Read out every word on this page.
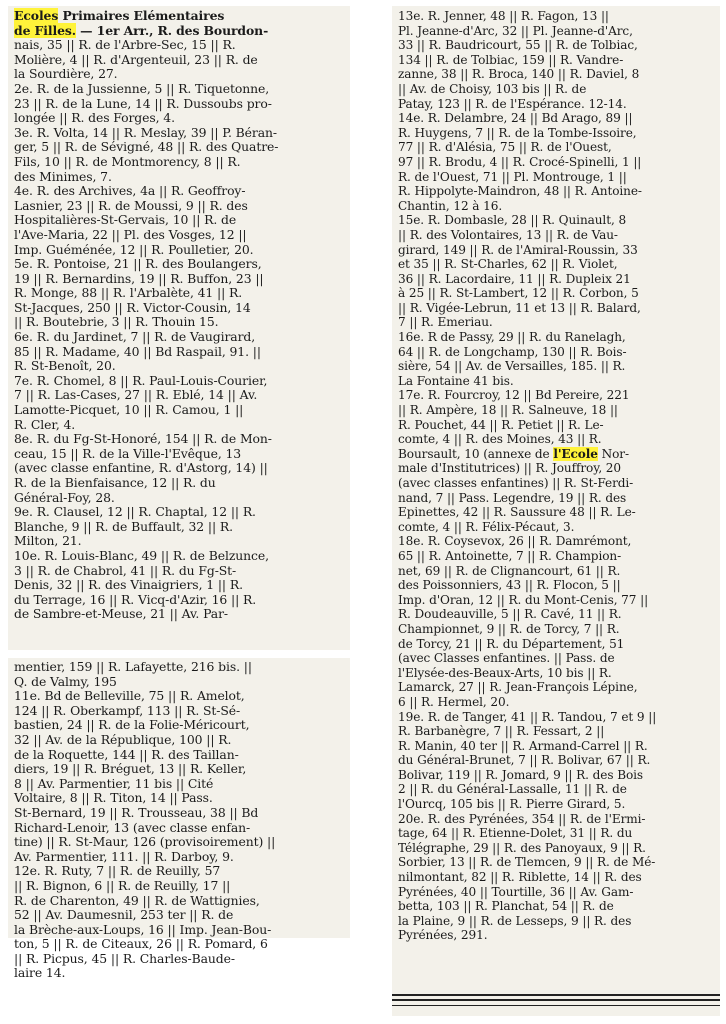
Ecoles Primaires Elémentaires
de Filles. — 1er Arr., R. des Bourdon-
nais, 35 || R. de l'Arbre-Sec, 15 || R.
Molière, 4 || R. d'Argenteuil, 23 || R. de
la Sourdière, 27.
2e. R. de la Jussienne, 5 || R. Tiquetonne,
23 || R. de la Lune, 14 || R. Dussoubs pro-
longée || R. des Forges, 4.
3e. R. Volta, 14 || R. Meslay, 39 || P. Béran-
ger, 5 || R. de Sévigné, 48 || R. des Quatre-
Fils, 10 || R. de Montmorency, 8 || R.
des Minimes, 7.
4e. R. des Archives, 4a || R. Geoffroy-
Lasnier, 23 || R. de Moussi, 9 || R. des
Hospitalières-St-Gervais, 10 || R. de
l'Ave-Maria, 22 || Pl. des Vosges, 12 ||
Imp. Guéménée, 12 || R. Poulletier, 20.
5e. R. Pontoise, 21 || R. des Boulangers,
19 || R. Bernardins, 19 || R. Buffon, 23 ||
R. Monge, 88 || R. l'Arbalète, 41 || R.
St-Jacques, 250 || R. Victor-Cousin, 14
|| R. Boutebrie, 3 || R. Thouin 15.
6e. R. du Jardinet, 7 || R. de Vaugirard,
85 || R. Madame, 40 || Bd Raspail, 91. ||
R. St-Benoît, 20.
7e. R. Chomel, 8 || R. Paul-Louis-Courier,
7 || R. Las-Cases, 27 || R. Eblé, 14 || Av.
Lamotte-Picquet, 10 || R. Camou, 1 ||
R. Cler, 4.
8e. R. du Fg-St-Honoré, 154 || R. de Mon-
ceau, 15 || R. de la Ville-l'Evêque, 13
(avec classe enfantine, R. d'Astorg, 14) ||
R. de la Bienfaisance, 12 || R. du
Général-Foy, 28.
9e. R. Clausel, 12 || R. Chaptal, 12 || R.
Blanche, 9 || R. de Buffault, 32 || R.
Milton, 21.
10e. R. Louis-Blanc, 49 || R. de Belzunce,
3 || R. de Chabrol, 41 || R. du Fg-St-
Denis, 32 || R. des Vinaigriers, 1 || R.
du Terrage, 16 || R. Vicq-d'Azir, 16 || R.
de Sambre-et-Meuse, 21 || Av. Par-
mentier, 159 || R. Lafayette, 216 bis. ||
Q. de Valmy, 195
11e. Bd de Belleville, 75 || R. Amelot,
124 || R. Oberkampf, 113 || R. St-Sé-
bastien, 24 || R. de la Folie-Méricourt,
32 || Av. de la République, 100 || R.
de la Roquette, 144 || R. des Taillan-
diers, 19 || R. Bréguet, 13 || R. Keller,
8 || Av. Parmentier, 11 bis || Cité
Voltaire, 8 || R. Titon, 14 || Pass.
St-Bernard, 19 || R. Trousseau, 38 || Bd
Richard-Lenoir, 13 (avec classe enfan-
tine) || R. St-Maur, 126 (provisoirement) ||
Av. Parmentier, 111. || R. Darboy, 9.
12e. R. Ruty, 7 || R. de Reuilly, 57
|| R. Bignon, 6 || R. de Reuilly, 17 ||
R. de Charenton, 49 || R. de Wattignies,
52 || Av. Daumesnil, 253 ter || R. de
la Brèche-aux-Loups, 16 || Imp. Jean-Bou-
ton, 5 || R. de Citeaux, 26 || R. Pomard, 6
|| R. Picpus, 45 || R. Charles-Baude-
laire 14.
13e. R. Jenner, 48 || R. Fagon, 13 ||
Pl. Jeanne-d'Arc, 32 || Pl. Jeanne-d'Arc,
33 || R. Baudricourt, 55 || R. de Tolbiac,
134 || R. de Tolbiac, 159 || R. Vandre-
zanne, 38 || R. Broca, 140 || R. Daviel, 8
|| Av. de Choisy, 103 bis || R. de
Patay, 123 || R. de l'Espérance. 12-14.
14e. R. Delambre, 24 || Bd Arago, 89 ||
R. Huygens, 7 || R. de la Tombe-Issoire,
77 || R. d'Alésia, 75 || R. de l'Ouest,
97 || R. Brodu, 4 || R. Crocé-Spinelli, 1 ||
R. de l'Ouest, 71 || Pl. Montrouge, 1 ||
R. Hippolyte-Maindron, 48 || R. Antoine-
Chantin, 12 à 16.
15e. R. Dombasle, 28 || R. Quinault, 8
|| R. des Volontaires, 13 || R. de Vau-
girard, 149 || R. de l'Amiral-Roussin, 33
et 35 || R. St-Charles, 62 || R. Violet,
36 || R. Lacordaire, 11 || R. Dupleix 21
à 25 || R. St-Lambert, 12 || R. Corbon, 5
|| R. Vigée-Lebrun, 11 et 13 || R. Balard,
7 || R. Emeriau.
16e. R de Passy, 29 || R. du Ranelagh,
64 || R. de Longchamp, 130 || R. Bois-
sière, 54 || Av. de Versailles, 185. || R.
La Fontaine 41 bis.
17e. R. Fourcroy, 12 || Bd Pereire, 221
|| R. Ampère, 18 || R. Salneuve, 18 ||
R. Pouchet, 44 || R. Petiet || R. Le-
comte, 4 || R. des Moines, 43 || R.
Boursault, 10 (annexe de l'Ecole Nor-
male d'Institutrices) || R. Jouffroy, 20
(avec classes enfantines) || R. St-Ferdi-
nand, 7 || Pass. Legendre, 19 || R. des
Epinettes, 42 || R. Saussure 48 || R. Le-
comte, 4 || R. Félix-Pécaut, 3.
18e. R. Coysevox, 26 || R. Damrémont,
65 || R. Antoinette, 7 || R. Champion-
net, 69 || R. de Clignancourt, 61 || R.
des Poissonniers, 43 || R. Flocon, 5 ||
Imp. d'Oran, 12 || R. du Mont-Cenis, 77 ||
R. Doudeauville, 5 || R. Cavé, 11 || R.
Championnet, 9 || R. de Torcy, 7 || R.
de Torcy, 21 || R. du Département, 51
(avec Classes enfantines. || Pass. de
l'Elysée-des-Beaux-Arts, 10 bis || R.
Lamarck, 27 || R. Jean-François Lépine,
6 || R. Hermel, 20.
19e. R. de Tanger, 41 || R. Tandou, 7 et 9 ||
R. Barbanègre, 7 || R. Fessart, 2 ||
R. Manin, 40 ter || R. Armand-Carrel || R.
du Général-Brunet, 7 || R. Bolivar, 67 || R.
Bolivar, 119 || R. Jomard, 9 || R. des Bois
2 || R. du Général-Lassalle, 11 || R. de
l'Ourcq, 105 bis || R. Pierre Girard, 5.
20e. R. des Pyrénées, 354 || R. de l'Ermi-
tage, 64 || R. Etienne-Dolet, 31 || R. du
Télégraphe, 29 || R. des Panoyaux, 9 || R.
Sorbier, 13 || R. de Tlemcen, 9 || R. de Mé-
nilmontant, 82 || R. Riblette, 14 || R. des
Pyrénées, 40 || Tourtille, 36 || Av. Gam-
betta, 103 || R. Planchat, 54 || R. de
la Plaine, 9 || R. de Lesseps, 9 || R. des
Pyrénées, 291.
